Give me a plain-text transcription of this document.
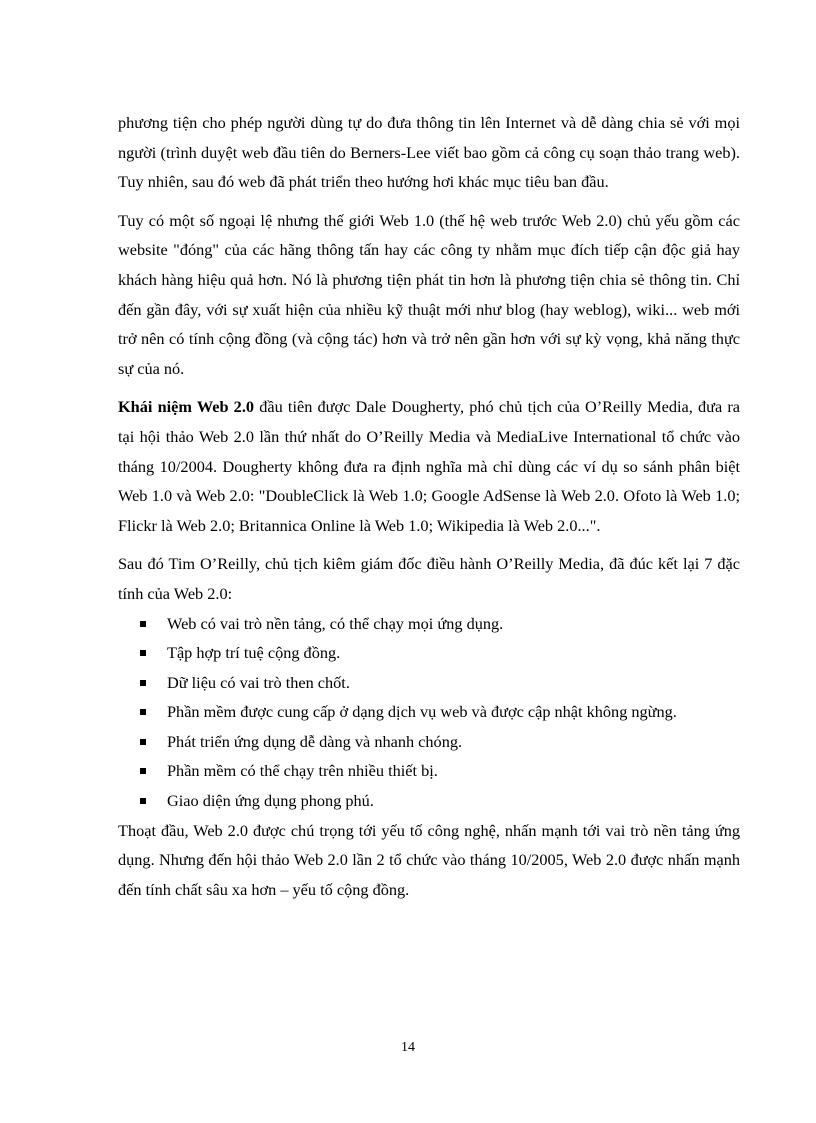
phương tiện cho phép người dùng tự do đưa thông tin lên Internet và dễ dàng chia sẻ với mọi người (trình duyệt web đầu tiên do Berners-Lee viết bao gồm cả công cụ soạn thảo trang web). Tuy nhiên, sau đó web đã phát triển theo hướng hơi khác mục tiêu ban đầu.

Tuy có một số ngoại lệ nhưng thế giới Web 1.0 (thế hệ web trước Web 2.0) chủ yếu gồm các website "đóng" của các hãng thông tấn hay các công ty nhằm mục đích tiếp cận độc giả hay khách hàng hiệu quả hơn. Nó là phương tiện phát tin hơn là phương tiện chia sẻ thông tin. Chỉ đến gần đây, với sự xuất hiện của nhiều kỹ thuật mới như blog (hay weblog), wiki... web mới trở nên có tính cộng đồng (và cộng tác) hơn và trở nên gần hơn với sự kỳ vọng, khả năng thực sự của nó.

Khái niệm Web 2.0 đầu tiên được Dale Dougherty, phó chủ tịch của O’Reilly Media, đưa ra tại hội thảo Web 2.0 lần thứ nhất do O’Reilly Media và MediaLive International tổ chức vào tháng 10/2004. Dougherty không đưa ra định nghĩa mà chỉ dùng các ví dụ so sánh phân biệt Web 1.0 và Web 2.0: "DoubleClick là Web 1.0; Google AdSense là Web 2.0. Ofoto là Web 1.0; Flickr là Web 2.0; Britannica Online là Web 1.0; Wikipedia là Web 2.0...".

Sau đó Tim O’Reilly, chủ tịch kiêm giám đốc điều hành O’Reilly Media, đã đúc kết lại 7 đặc tính của Web 2.0:

Web có vai trò nền tảng, có thể chạy mọi ứng dụng.
Tập hợp trí tuệ cộng đồng.
Dữ liệu có vai trò then chốt.
Phần mềm được cung cấp ở dạng dịch vụ web và được cập nhật không ngừng.
Phát triển ứng dụng dễ dàng và nhanh chóng.
Phần mềm có thể chạy trên nhiều thiết bị.
Giao diện ứng dụng phong phú.

Thoạt đầu, Web 2.0 được chú trọng tới yếu tố công nghệ, nhấn mạnh tới vai trò nền tảng ứng dụng. Nhưng đến hội thảo Web 2.0 lần 2 tổ chức vào tháng 10/2005, Web 2.0 được nhấn mạnh đến tính chất sâu xa hơn – yếu tố cộng đồng.

14
